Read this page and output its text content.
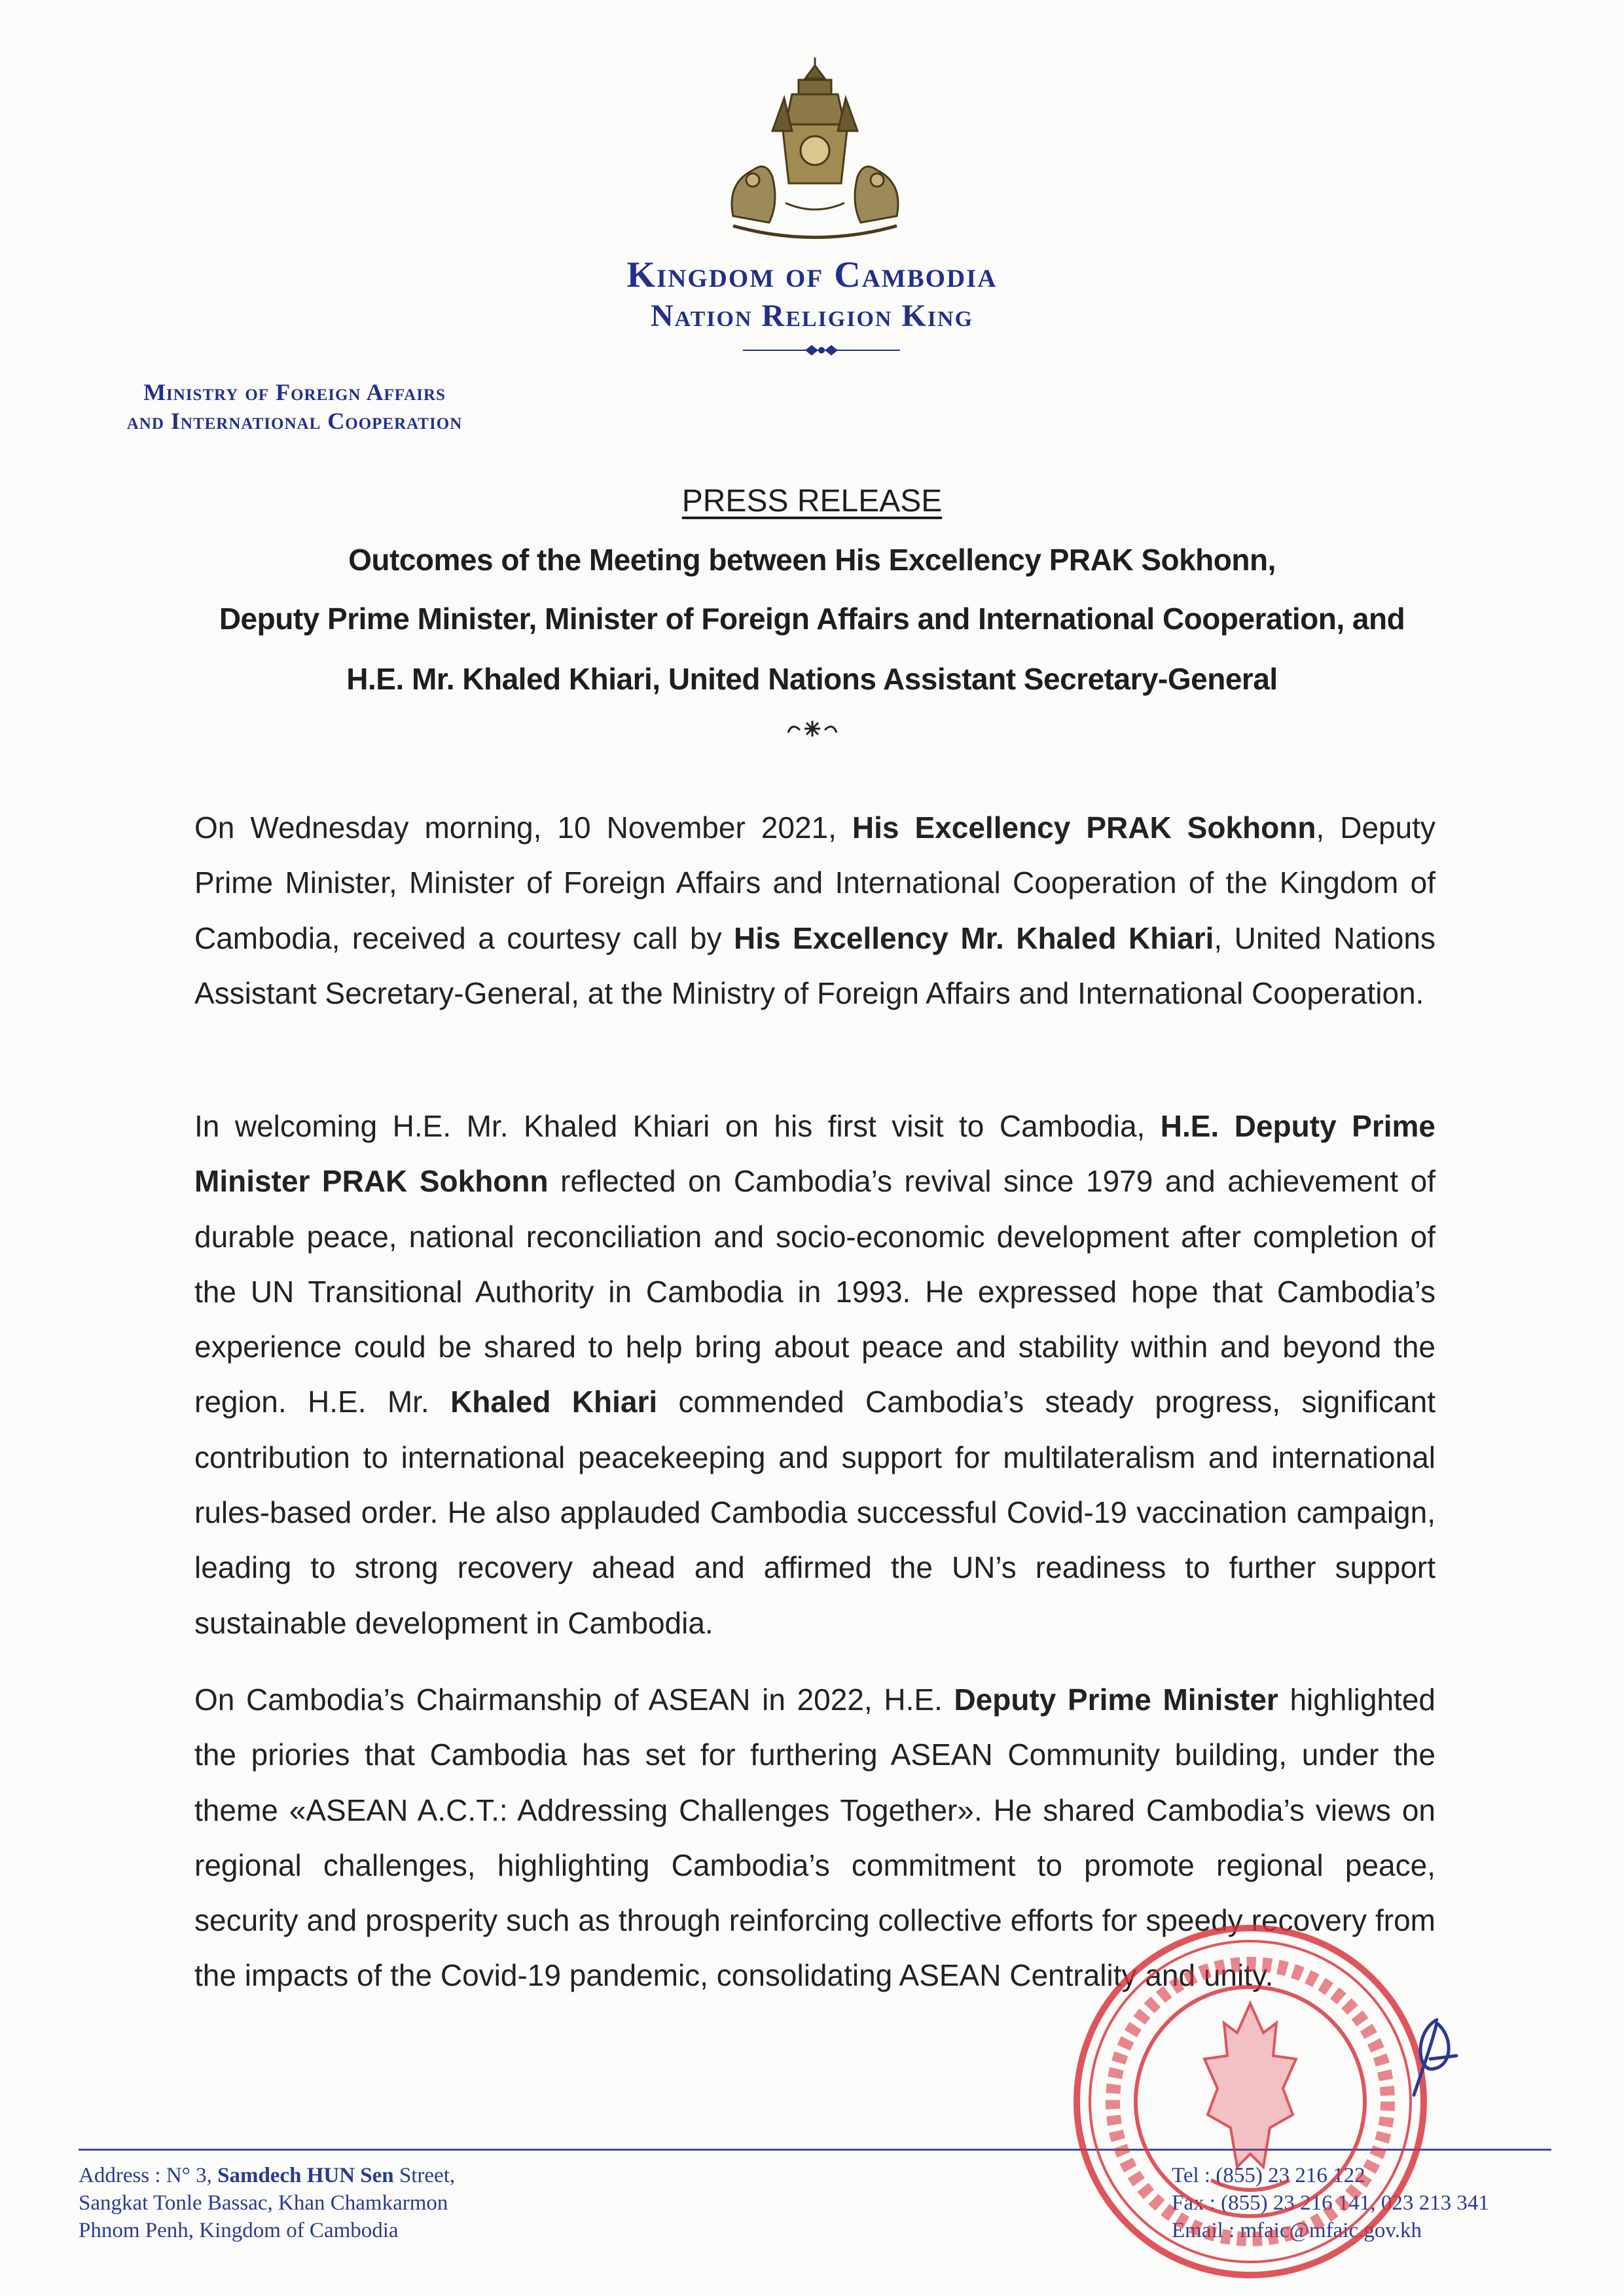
Kingdom of Cambodia
Nation Religion King
Ministry of Foreign Affairs
and International Cooperation
PRESS RELEASE
Outcomes of the Meeting between His Excellency PRAK Sokhonn,
Deputy Prime Minister, Minister of Foreign Affairs and International Cooperation, and
H.E. Mr. Khaled Khiari, United Nations Assistant Secretary-General
On Wednesday morning, 10 November 2021, His Excellency PRAK Sokhonn, Deputy Prime Minister, Minister of Foreign Affairs and International Cooperation of the Kingdom of Cambodia, received a courtesy call by His Excellency Mr. Khaled Khiari, United Nations Assistant Secretary-General, at the Ministry of Foreign Affairs and International Cooperation.
In welcoming H.E. Mr. Khaled Khiari on his first visit to Cambodia, H.E. Deputy Prime Minister PRAK Sokhonn reflected on Cambodia’s revival since 1979 and achievement of durable peace, national reconciliation and socio-economic development after completion of the UN Transitional Authority in Cambodia in 1993. He expressed hope that Cambodia’s experience could be shared to help bring about peace and stability within and beyond the region. H.E. Mr. Khaled Khiari commended Cambodia’s steady progress, significant contribution to international peacekeeping and support for multilateralism and international rules-based order. He also applauded Cambodia successful Covid-19 vaccination campaign, leading to strong recovery ahead and affirmed the UN’s readiness to further support sustainable development in Cambodia.
On Cambodia’s Chairmanship of ASEAN in 2022, H.E. Deputy Prime Minister highlighted the priories that Cambodia has set for furthering ASEAN Community building, under the theme «ASEAN A.C.T.: Addressing Challenges Together». He shared Cambodia’s views on regional challenges, highlighting Cambodia’s commitment to promote regional peace, security and prosperity such as through reinforcing collective efforts for speedy recovery from the impacts of the Covid-19 pandemic, consolidating ASEAN Centrality and unity.
Address : N° 3, Samdech HUN Sen Street,
Sangkat Tonle Bassac, Khan Chamkarmon
Phnom Penh, Kingdom of Cambodia
Tel : (855) 23 216 122
Fax : (855) 23 216 141, 023 213 341
Email : mfaic@mfaic.gov.kh
